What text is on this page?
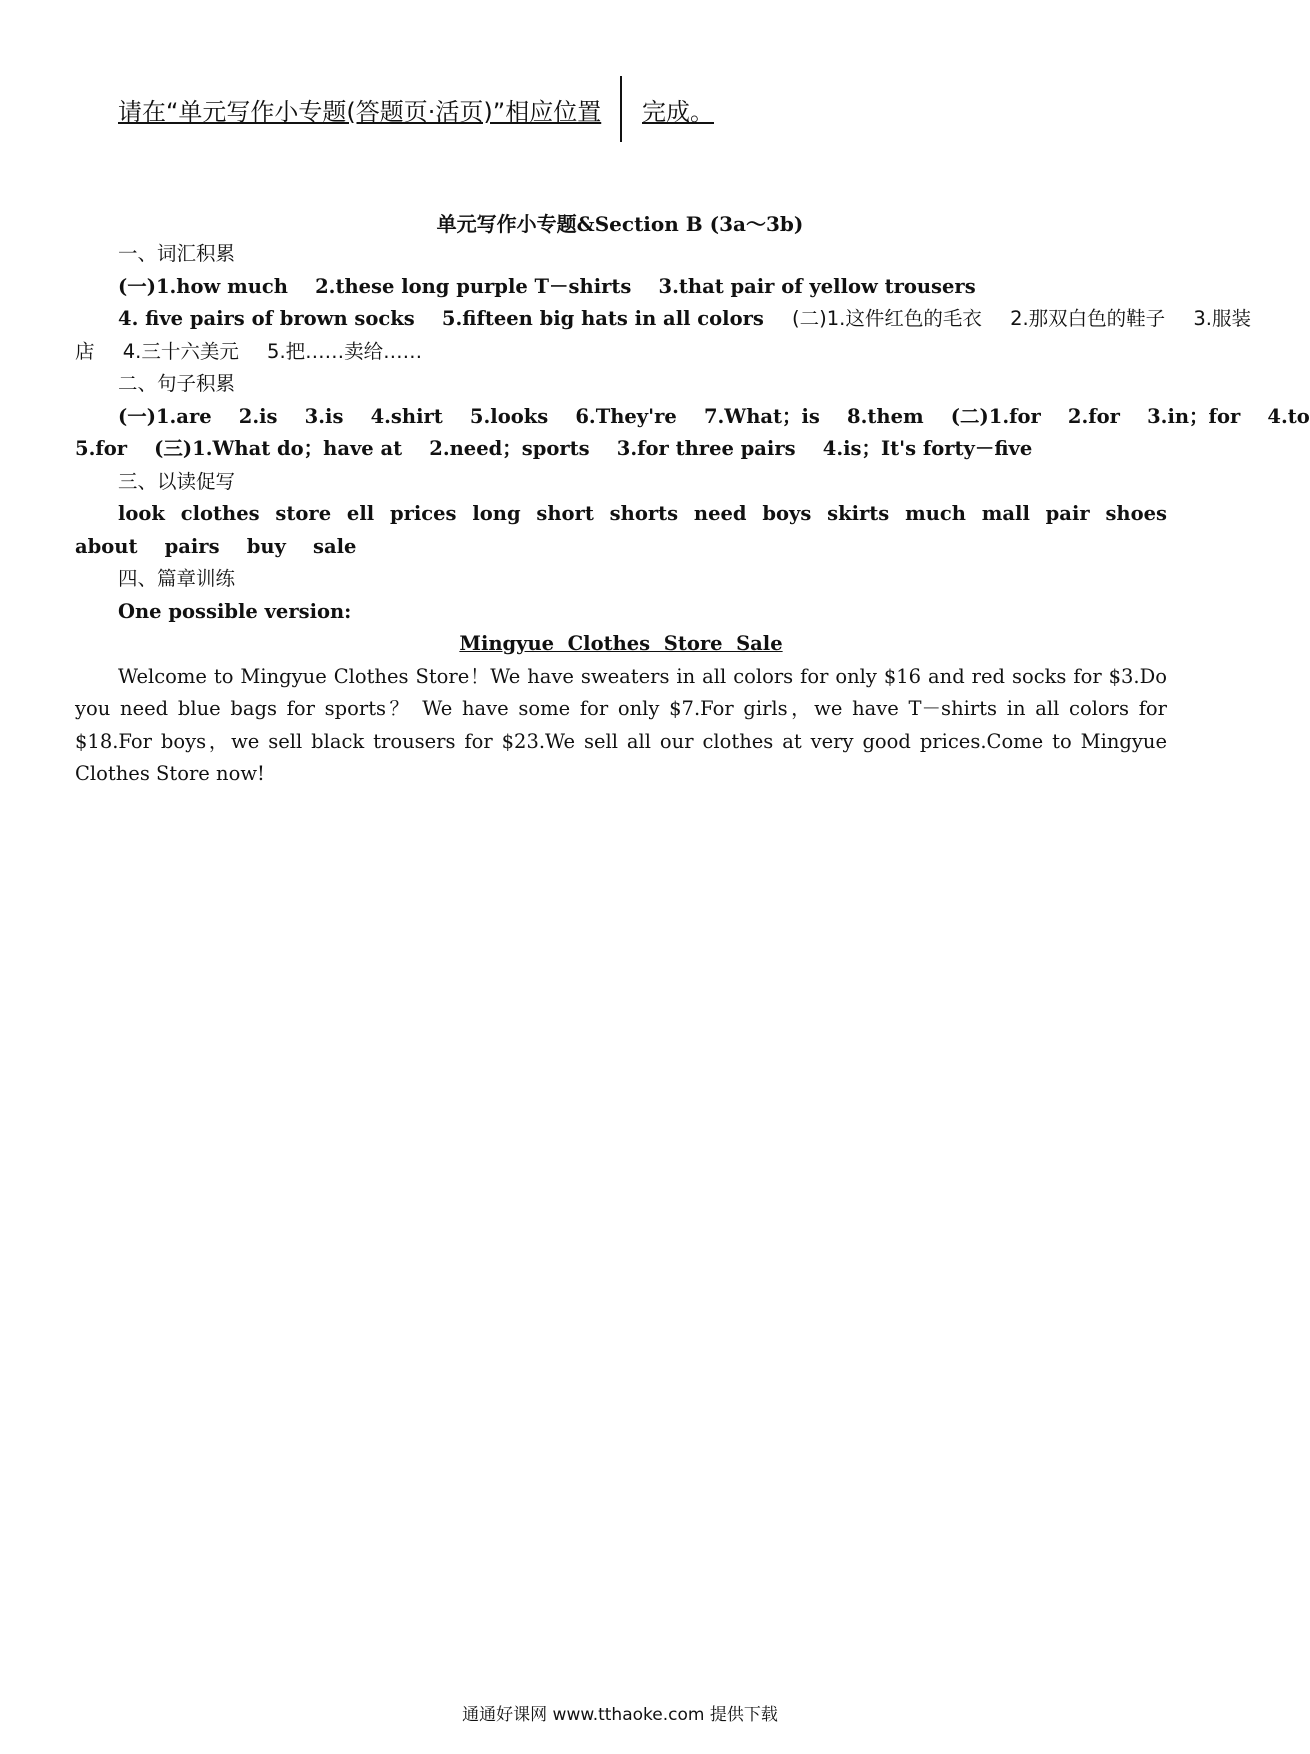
请在“单元写作小专题(答题页·活页)”相应位置 完成。
单元写作小专题&Section B (3a～3b)
一、词汇积累
(一)1.how much    2.these long purple T－shirts    3.that pair of yellow trousers
4. five pairs of brown socks    5.fifteen big hats in all colors (二)1.这件红色的毛衣 2.那双白色的鞋子 3.服装
店 4.三十六美元 5.把……卖给……
二、句子积累
(一)1.are    2.is    3.is    4.shirt    5.looks    6.They're    7.What；is    8.them    (二)1.for    2.for    3.in；for    4.to
5.for    (三)1.What do；have at    2.need；sports    3.for three pairs    4.is；It's forty－five
三、以读促写
look clothes store ell prices long short shorts need boys skirts much mall pair shoes
about    pairs    buy    sale
四、篇章训练
One possible version:
Mingyue  Clothes  Store  Sale
Welcome to Mingyue Clothes Store！We have sweaters in all colors for only $16 and red socks for $3.Do you need blue bags for sports？ We have some for only $7.For girls，we have T－shirts in all colors for $18.For boys，we sell black trousers for $23.We sell all our clothes at very good prices.Come to Mingyue Clothes Store now!
通通好课网 www.tthaoke.com 提供下载
